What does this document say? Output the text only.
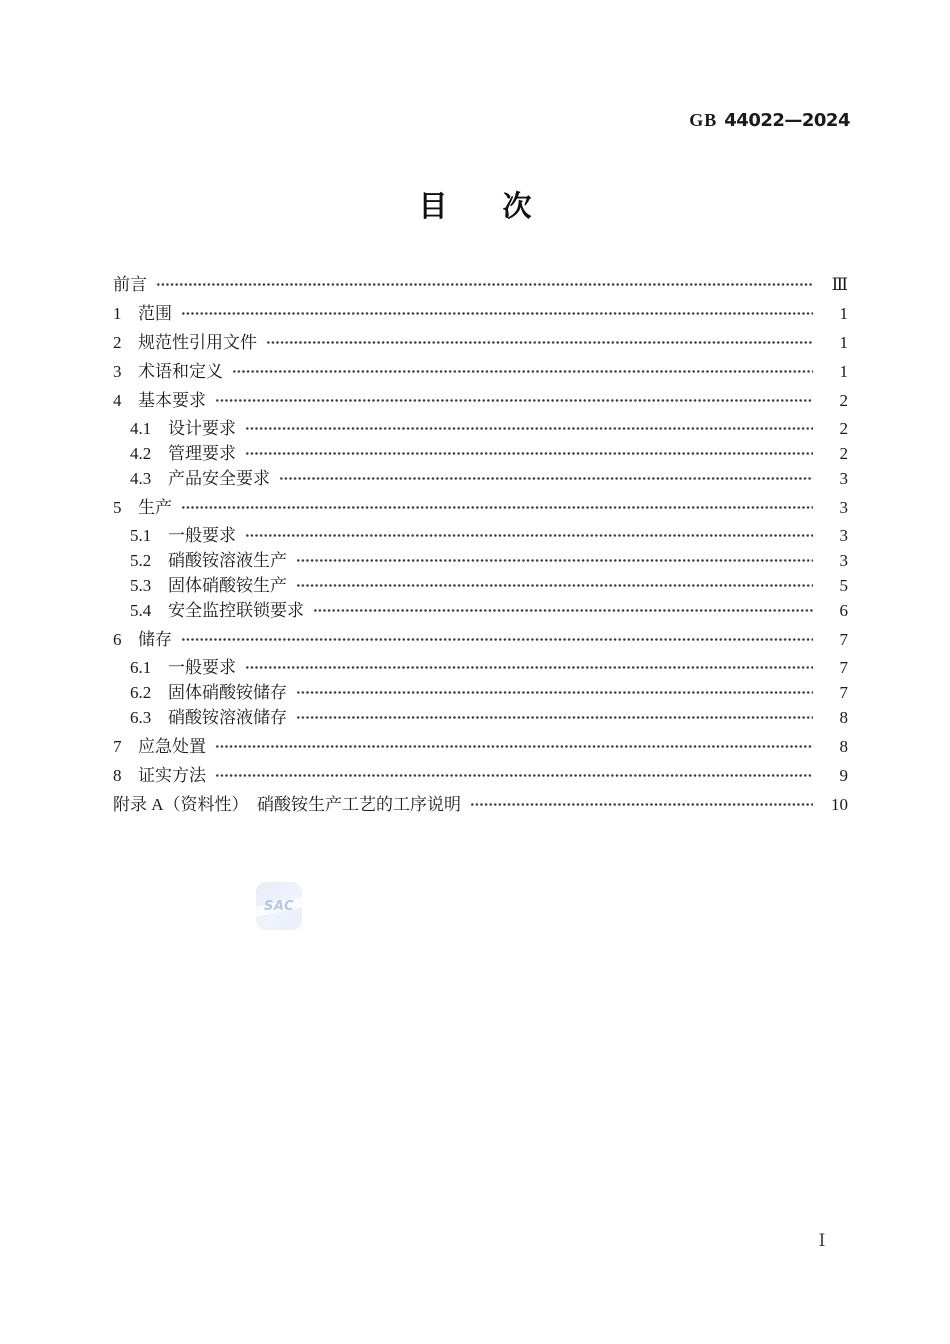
GB 44022—2024
目　次
前言	Ⅲ
1 范围	1
2 规范性引用文件	1
3 术语和定义	1
4 基本要求	2
4.1 设计要求	2
4.2 管理要求	2
4.3 产品安全要求	3
5 生产	3
5.1 一般要求	3
5.2 硝酸铵溶液生产	3
5.3 固体硝酸铵生产	5
5.4 安全监控联锁要求	6
6 储存	7
6.1 一般要求	7
6.2 固体硝酸铵储存	7
6.3 硝酸铵溶液储存	8
7 应急处置	8
8 证实方法	9
附录 A（资料性）　硝酸铵生产工艺的工序说明	10
SAC
Ⅰ
